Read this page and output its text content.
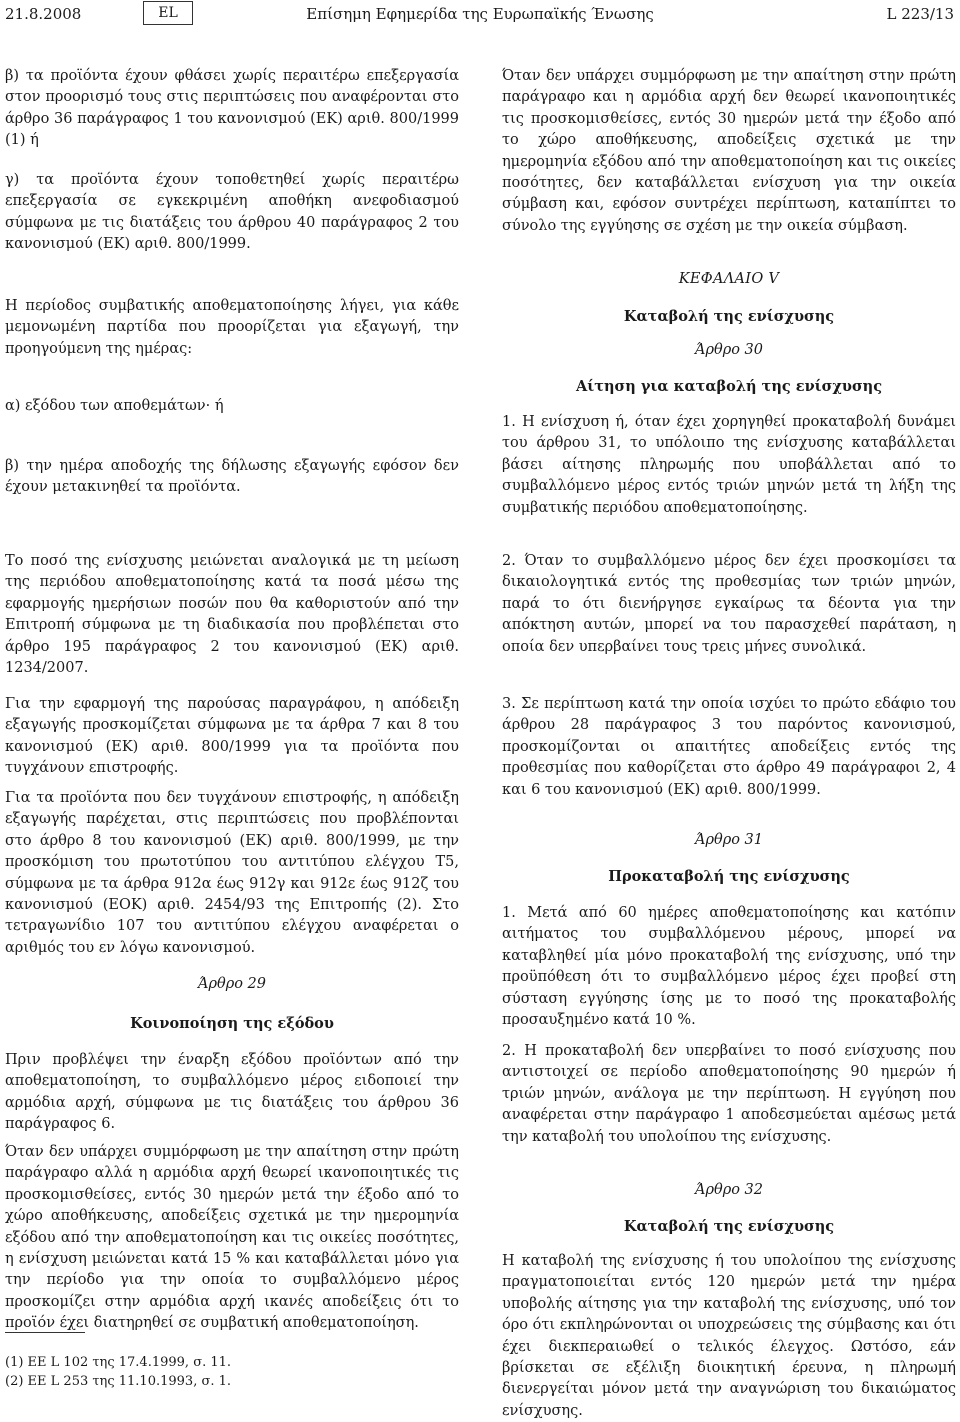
21.8.2008	EL	Επίσημη Εφημερίδα της Ευρωπαϊκής Ένωσης	L 223/13

β) τα προϊόντα έχουν φθάσει χωρίς περαιτέρω επεξεργασία στον προορισμό τους στις περιπτώσεις που αναφέρονται στο άρθρο 36 παράγραφος 1 του κανονισμού (ΕΚ) αριθ. 800/1999 (1) ή

γ) τα προϊόντα έχουν τοποθετηθεί χωρίς περαιτέρω επεξεργασία σε εγκεκριμένη αποθήκη ανεφοδιασμού σύμφωνα με τις διατάξεις του άρθρου 40 παράγραφος 2 του κανονισμού (ΕΚ) αριθ. 800/1999.

Η περίοδος συμβατικής αποθεματοποίησης λήγει, για κάθε μεμονωμένη παρτίδα που προορίζεται για εξαγωγή, την προηγούμενη της ημέρας:

α) εξόδου των αποθεμάτων· ή

β) την ημέρα αποδοχής της δήλωσης εξαγωγής εφόσον δεν έχουν μετακινηθεί τα προϊόντα.

Το ποσό της ενίσχυσης μειώνεται αναλογικά με τη μείωση της περιόδου αποθεματοποίησης κατά τα ποσά μέσω της εφαρμογής ημερήσιων ποσών που θα καθοριστούν από την Επιτροπή σύμφωνα με τη διαδικασία που προβλέπεται στο άρθρο 195 παράγραφος 2 του κανονισμού (ΕΚ) αριθ. 1234/2007.

Για την εφαρμογή της παρούσας παραγράφου, η απόδειξη εξαγωγής προσκομίζεται σύμφωνα με τα άρθρα 7 και 8 του κανονισμού (ΕΚ) αριθ. 800/1999 για τα προϊόντα που τυγχάνουν επιστροφής.

Για τα προϊόντα που δεν τυγχάνουν επιστροφής, η απόδειξη εξαγωγής παρέχεται, στις περιπτώσεις που προβλέπονται στο άρθρο 8 του κανονισμού (ΕΚ) αριθ. 800/1999, με την προσκόμιση του πρωτοτύπου του αντιτύπου ελέγχου Τ5, σύμφωνα με τα άρθρα 912α έως 912γ και 912ε έως 912ζ του κανονισμού (ΕΟΚ) αριθ. 2454/93 της Επιτροπής (2). Στο τετραγωνίδιο 107 του αντιτύπου ελέγχου αναφέρεται ο αριθμός του εν λόγω κανονισμού.

Άρθρο 29

Κοινοποίηση της εξόδου

Πριν προβλέψει την έναρξη εξόδου προϊόντων από την αποθεματοποίηση, το συμβαλλόμενο μέρος ειδοποιεί την αρμόδια αρχή, σύμφωνα με τις διατάξεις του άρθρου 36 παράγραφος 6.

Όταν δεν υπάρχει συμμόρφωση με την απαίτηση στην πρώτη παράγραφο αλλά η αρμόδια αρχή θεωρεί ικανοποιητικές τις προσκομισθείσες, εντός 30 ημερών μετά την έξοδο από το χώρο αποθήκευσης, αποδείξεις σχετικά με την ημερομηνία εξόδου από την αποθεματοποίηση και τις οικείες ποσότητες, η ενίσχυση μειώνεται κατά 15 % και καταβάλλεται μόνο για την περίοδο για την οποία το συμβαλλόμενο μέρος προσκομίζει στην αρμόδια αρχή ικανές αποδείξεις ότι το προϊόν έχει διατηρηθεί σε συμβατική αποθεματοποίηση.

Όταν δεν υπάρχει συμμόρφωση με την απαίτηση στην πρώτη παράγραφο και η αρμόδια αρχή δεν θεωρεί ικανοποιητικές τις προσκομισθείσες, εντός 30 ημερών μετά την έξοδο από το χώρο αποθήκευσης, αποδείξεις σχετικά με την ημερομηνία εξόδου από την αποθεματοποίηση και τις οικείες ποσότητες, δεν καταβάλλεται ενίσχυση για την οικεία σύμβαση και, εφόσον συντρέχει περίπτωση, καταπίπτει το σύνολο της εγγύησης σε σχέση με την οικεία σύμβαση.

ΚΕΦΑΛΑΙΟ V

Καταβολή της ενίσχυσης

Άρθρο 30

Αίτηση για καταβολή της ενίσχυσης

1. Η ενίσχυση ή, όταν έχει χορηγηθεί προκαταβολή δυνάμει του άρθρου 31, το υπόλοιπο της ενίσχυσης καταβάλλεται βάσει αίτησης πληρωμής που υποβάλλεται από το συμβαλλόμενο μέρος εντός τριών μηνών μετά τη λήξη της συμβατικής περιόδου αποθεματοποίησης.

2. Όταν το συμβαλλόμενο μέρος δεν έχει προσκομίσει τα δικαιολογητικά εντός της προθεσμίας των τριών μηνών, παρά το ότι διενήργησε εγκαίρως τα δέοντα για την απόκτηση αυτών, μπορεί να του παρασχεθεί παράταση, η οποία δεν υπερβαίνει τους τρεις μήνες συνολικά.

3. Σε περίπτωση κατά την οποία ισχύει το πρώτο εδάφιο του άρθρου 28 παράγραφος 3 του παρόντος κανονισμού, προσκομίζονται οι απαιτήτες αποδείξεις εντός της προθεσμίας που καθορίζεται στο άρθρο 49 παράγραφοι 2, 4 και 6 του κανονισμού (ΕΚ) αριθ. 800/1999.

Άρθρο 31

Προκαταβολή της ενίσχυσης

1. Μετά από 60 ημέρες αποθεματοποίησης και κατόπιν αιτήματος του συμβαλλόμενου μέρους, μπορεί να καταβληθεί μία μόνο προκαταβολή της ενίσχυσης, υπό την προϋπόθεση ότι το συμβαλλόμενο μέρος έχει προβεί στη σύσταση εγγύησης ίσης με το ποσό της προκαταβολής προσαυξημένο κατά 10 %.

2. Η προκαταβολή δεν υπερβαίνει το ποσό ενίσχυσης που αντιστοιχεί σε περίοδο αποθεματοποίησης 90 ημερών ή τριών μηνών, ανάλογα με την περίπτωση. Η εγγύηση που αναφέρεται στην παράγραφο 1 αποδεσμεύεται αμέσως μετά την καταβολή του υπολοίπου της ενίσχυσης.

Άρθρο 32

Καταβολή της ενίσχυσης

Η καταβολή της ενίσχυσης ή του υπολοίπου της ενίσχυσης πραγματοποιείται εντός 120 ημερών μετά την ημέρα υποβολής αίτησης για την καταβολή της ενίσχυσης, υπό τον όρο ότι εκπληρώνονται οι υποχρεώσεις της σύμβασης και ότι έχει διεκπεραιωθεί ο τελικός έλεγχος. Ωστόσο, εάν βρίσκεται σε εξέλιξη διοικητική έρευνα, η πληρωμή διενεργείται μόνον μετά την αναγνώριση του δικαιώματος ενίσχυσης.

(1) ΕΕ L 102 της 17.4.1999, σ. 11.
(2) ΕΕ L 253 της 11.10.1993, σ. 1.
